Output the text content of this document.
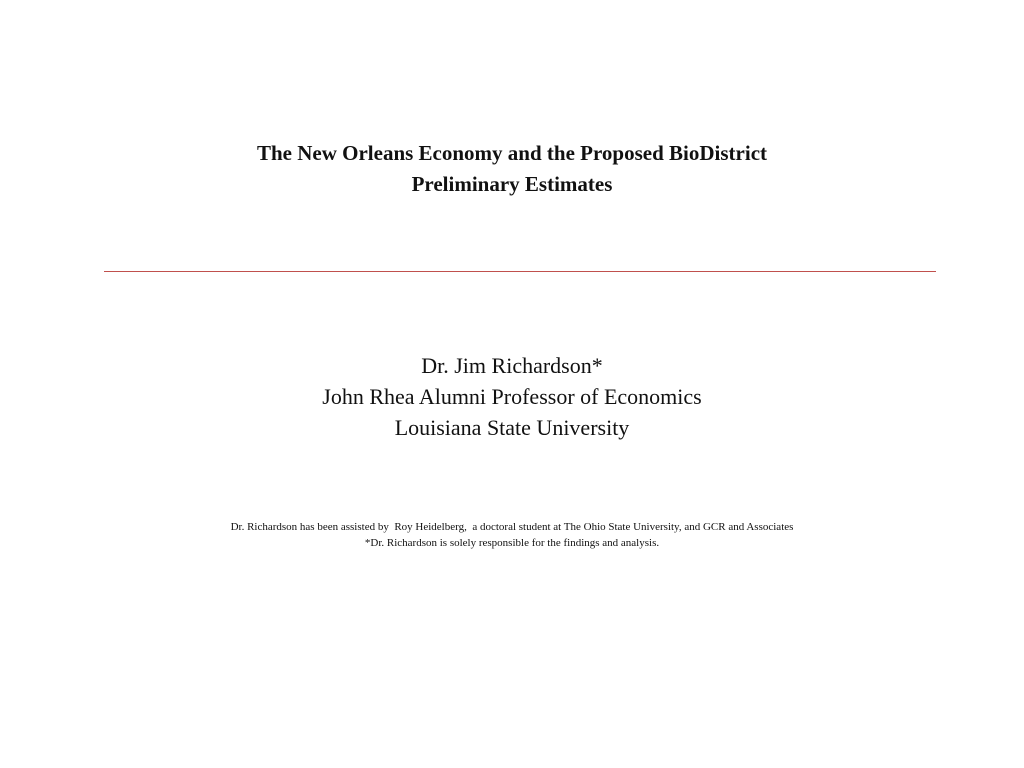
The New Orleans Economy and the Proposed BioDistrict
Preliminary Estimates
Dr. Jim Richardson*
John Rhea Alumni Professor of Economics
Louisiana State University
Dr. Richardson has been assisted by  Roy Heidelberg,  a doctoral student at The Ohio State University, and GCR and Associates
*Dr. Richardson is solely responsible for the findings and analysis.
